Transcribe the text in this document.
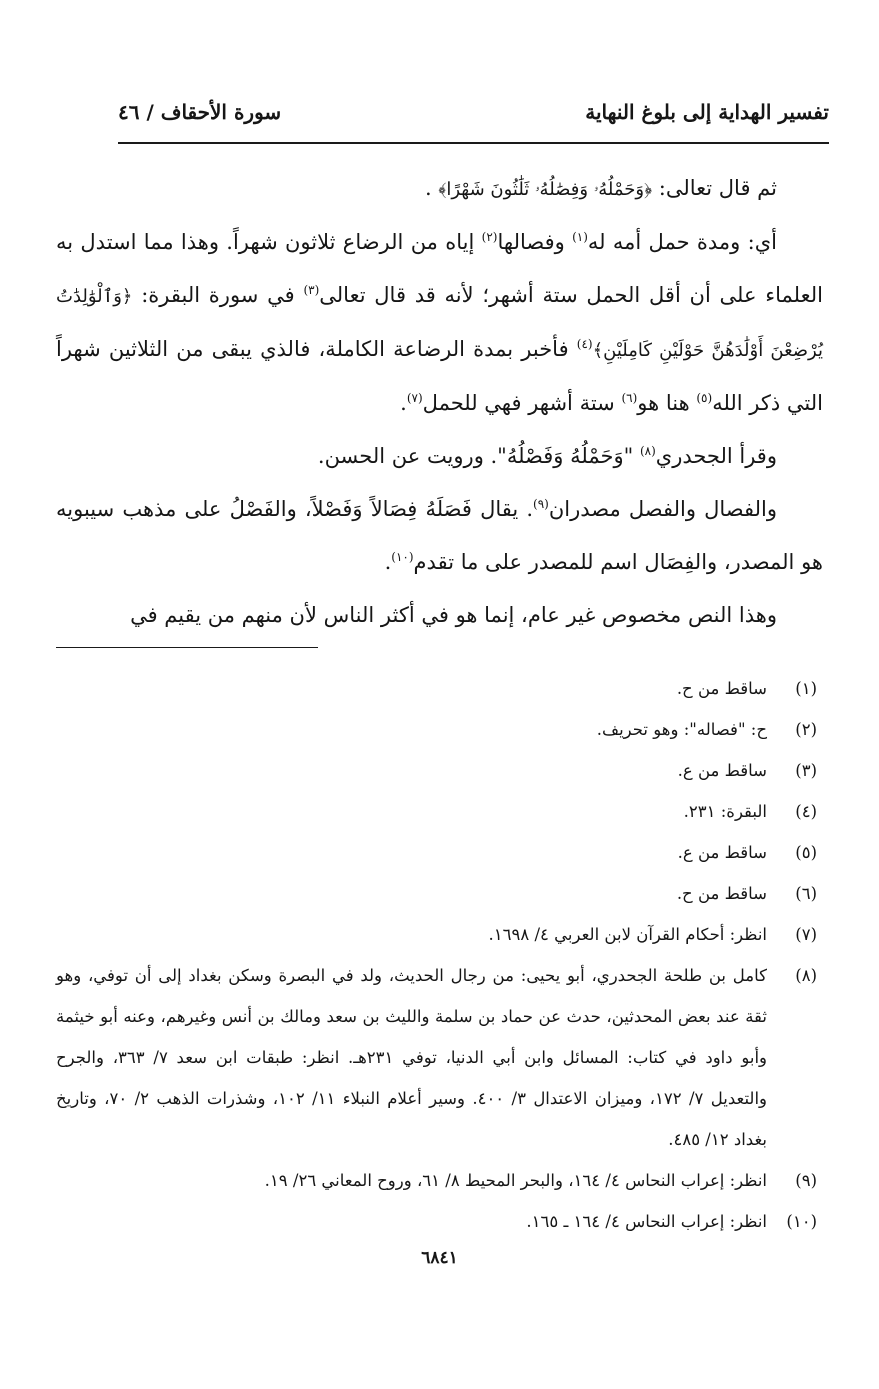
تفسير الهداية إلى بلوغ النهاية
سورة الأحقاف / ٤٦

ثم قال تعالى: ﴿وَحَمْلُهُۥ وَفِصَٰلُهُۥ ثَلَٰثُونَ شَهْرًا﴾ .

أي: ومدة حمل أمه له$^{(١)}$ وفصالها$^{(٢)}$ إياه من الرضاع ثلاثون شهراً. وهذا مما استدل به العلماء على أن أقل الحمل ستة أشهر؛ لأنه قد قال تعالى$^{(٣)}$ في سورة البقرة: ﴿وَٱلْوَٰلِدَٰتُ يُرْضِعْنَ أَوْلَٰدَهُنَّ حَوْلَيْنِ كَامِلَيْنِ﴾$^{(٤)}$ فأخبر بمدة الرضاعة الكاملة، فالذي يبقى من الثلاثين شهراً التي ذكر الله$^{(٥)}$ هنا هو$^{(٦)}$ ستة أشهر فهي للحمل$^{(٧)}$.

وقرأ الجحدري$^{(٨)}$ "وَحَمْلُهُ وَفَصْلُهُ". ورويت عن الحسن.

والفصال والفصل مصدران$^{(٩)}$. يقال فَصَلَهُ فِصَالاً وَفَصْلاً، والفَصْلُ على مذهب سيبويه هو المصدر، والفِصَال اسم للمصدر على ما تقدم$^{(١٠)}$.

وهذا النص مخصوص غير عام، إنما هو في أكثر الناس لأن منهم من يقيم في

(١)
ساقط من ح.
(٢)
ح: "فصاله": وهو تحريف.
(٣)
ساقط من ع.
(٤)
البقرة: ٢٣١.
(٥)
ساقط من ع.
(٦)
ساقط من ح.
(٧)
انظر: أحكام القرآن لابن العربي ٤/ ١٦٩٨.
(٨)
كامل بن طلحة الجحدري، أبو يحيى: من رجال الحديث، ولد في البصرة وسكن بغداد إلى أن توفي، وهو ثقة عند بعض المحدثين، حدث عن حماد بن سلمة والليث بن سعد ومالك بن أنس وغيرهم، وعنه أبو خيثمة وأبو داود في كتاب: المسائل وابن أبي الدنيا، توفي ٢٣١هـ. انظر: طبقات ابن سعد ٧/ ٣٦٣، والجرح والتعديل ٧/ ١٧٢، وميزان الاعتدال ٣/ ٤٠٠. وسير أعلام النبلاء ١١/ ١٠٢، وشذرات الذهب ٢/ ٧٠، وتاريخ بغداد ١٢/ ٤٨٥.
(٩)
انظر: إعراب النحاس ٤/ ١٦٤، والبحر المحيط ٨/ ٦١، وروح المعاني ٢٦/ ١٩.
(١٠)
انظر: إعراب النحاس ٤/ ١٦٤ ـ ١٦٥.
٦٨٤١
